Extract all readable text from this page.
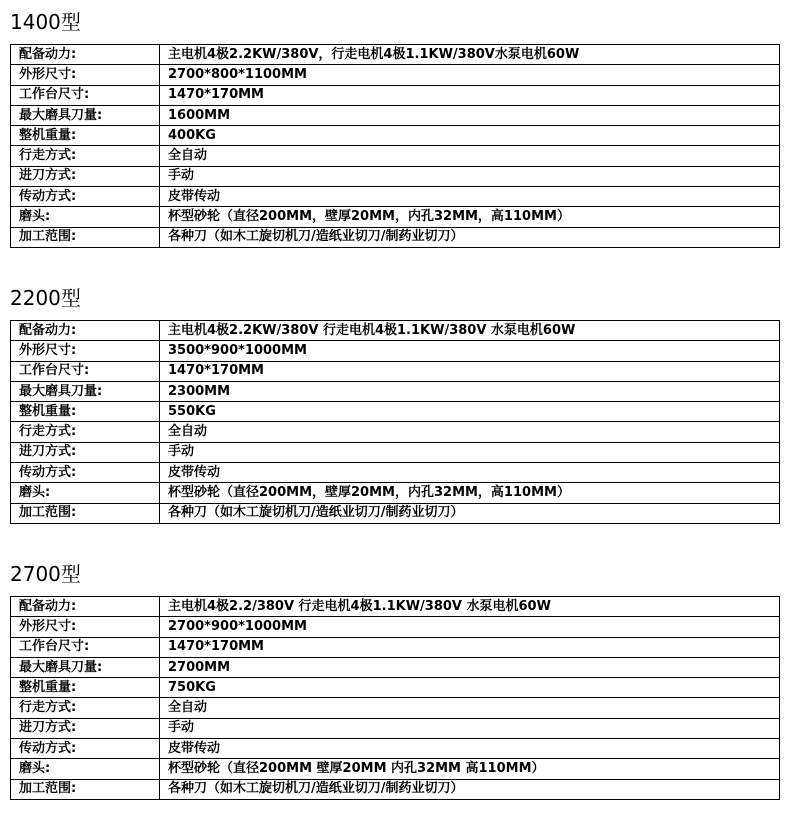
1400型
配备动力:	主电机4极2.2KW/380V，行走电机4极1.1KW/380V水泵电机60W
外形尺寸:	2700*800*1100MM
工作台尺寸:	1470*170MM
最大磨具刀量:	1600MM
整机重量:	400KG
行走方式:	全自动
进刀方式:	手动
传动方式:	皮带传动
磨头:	杯型砂轮（直径200MM，壁厚20MM，内孔32MM，高110MM）
加工范围:	各种刀（如木工旋切机刀/造纸业切刀/制药业切刀）
2200型
配备动力:	主电机4极2.2KW/380V 行走电机4极1.1KW/380V 水泵电机60W
外形尺寸:	3500*900*1000MM
工作台尺寸:	1470*170MM
最大磨具刀量:	2300MM
整机重量:	550KG
行走方式:	全自动
进刀方式:	手动
传动方式:	皮带传动
磨头:	杯型砂轮（直径200MM，壁厚20MM，内孔32MM，高110MM）
加工范围:	各种刀（如木工旋切机刀/造纸业切刀/制药业切刀）
2700型
配备动力:	主电机4极2.2/380V 行走电机4极1.1KW/380V 水泵电机60W
外形尺寸:	2700*900*1000MM
工作台尺寸:	1470*170MM
最大磨具刀量:	2700MM
整机重量:	750KG
行走方式:	全自动
进刀方式:	手动
传动方式:	皮带传动
磨头:	杯型砂轮（直径200MM 壁厚20MM 内孔32MM 高110MM）
加工范围:	各种刀（如木工旋切机刀/造纸业切刀/制药业切刀）
